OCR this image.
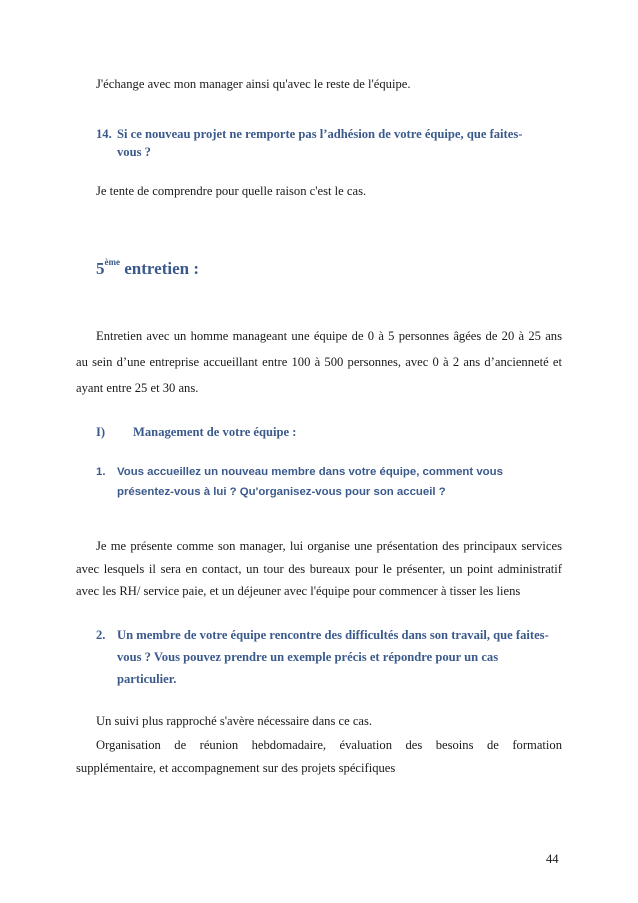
J'échange avec mon manager ainsi qu'avec le reste de l'équipe.

14. Si ce nouveau projet ne remporte pas l’adhésion de votre équipe, que faites-

vous ?

Je tente de comprendre pour quelle raison c'est le cas.

5ème entretien :

Entretien avec un homme manageant une équipe de 0 à 5 personnes âgées de 20 à 25 ans

au sein d’une entreprise accueillant entre 100 à 500 personnes, avec 0 à 2 ans d’ancienneté et

ayant entre 25 et 30 ans.

I) Management de votre équipe :

1. Vous accueillez un nouveau membre dans votre équipe, comment vous

présentez-vous à lui ? Qu'organisez-vous pour son accueil ?

Je me présente comme son manager, lui organise une présentation des principaux services

avec lesquels il sera en contact, un tour des bureaux pour le présenter, un point administratif

avec les RH/ service paie, et un déjeuner avec l'équipe pour commencer à tisser les liens

2. Un membre de votre équipe rencontre des difficultés dans son travail, que faites-

vous ? Vous pouvez prendre un exemple précis et répondre pour un cas

particulier.

Un suivi plus rapproché s'avère nécessaire dans ce cas.

Organisation de réunion hebdomadaire, évaluation des besoins de formation

supplémentaire, et accompagnement sur des projets spécifiques

44
